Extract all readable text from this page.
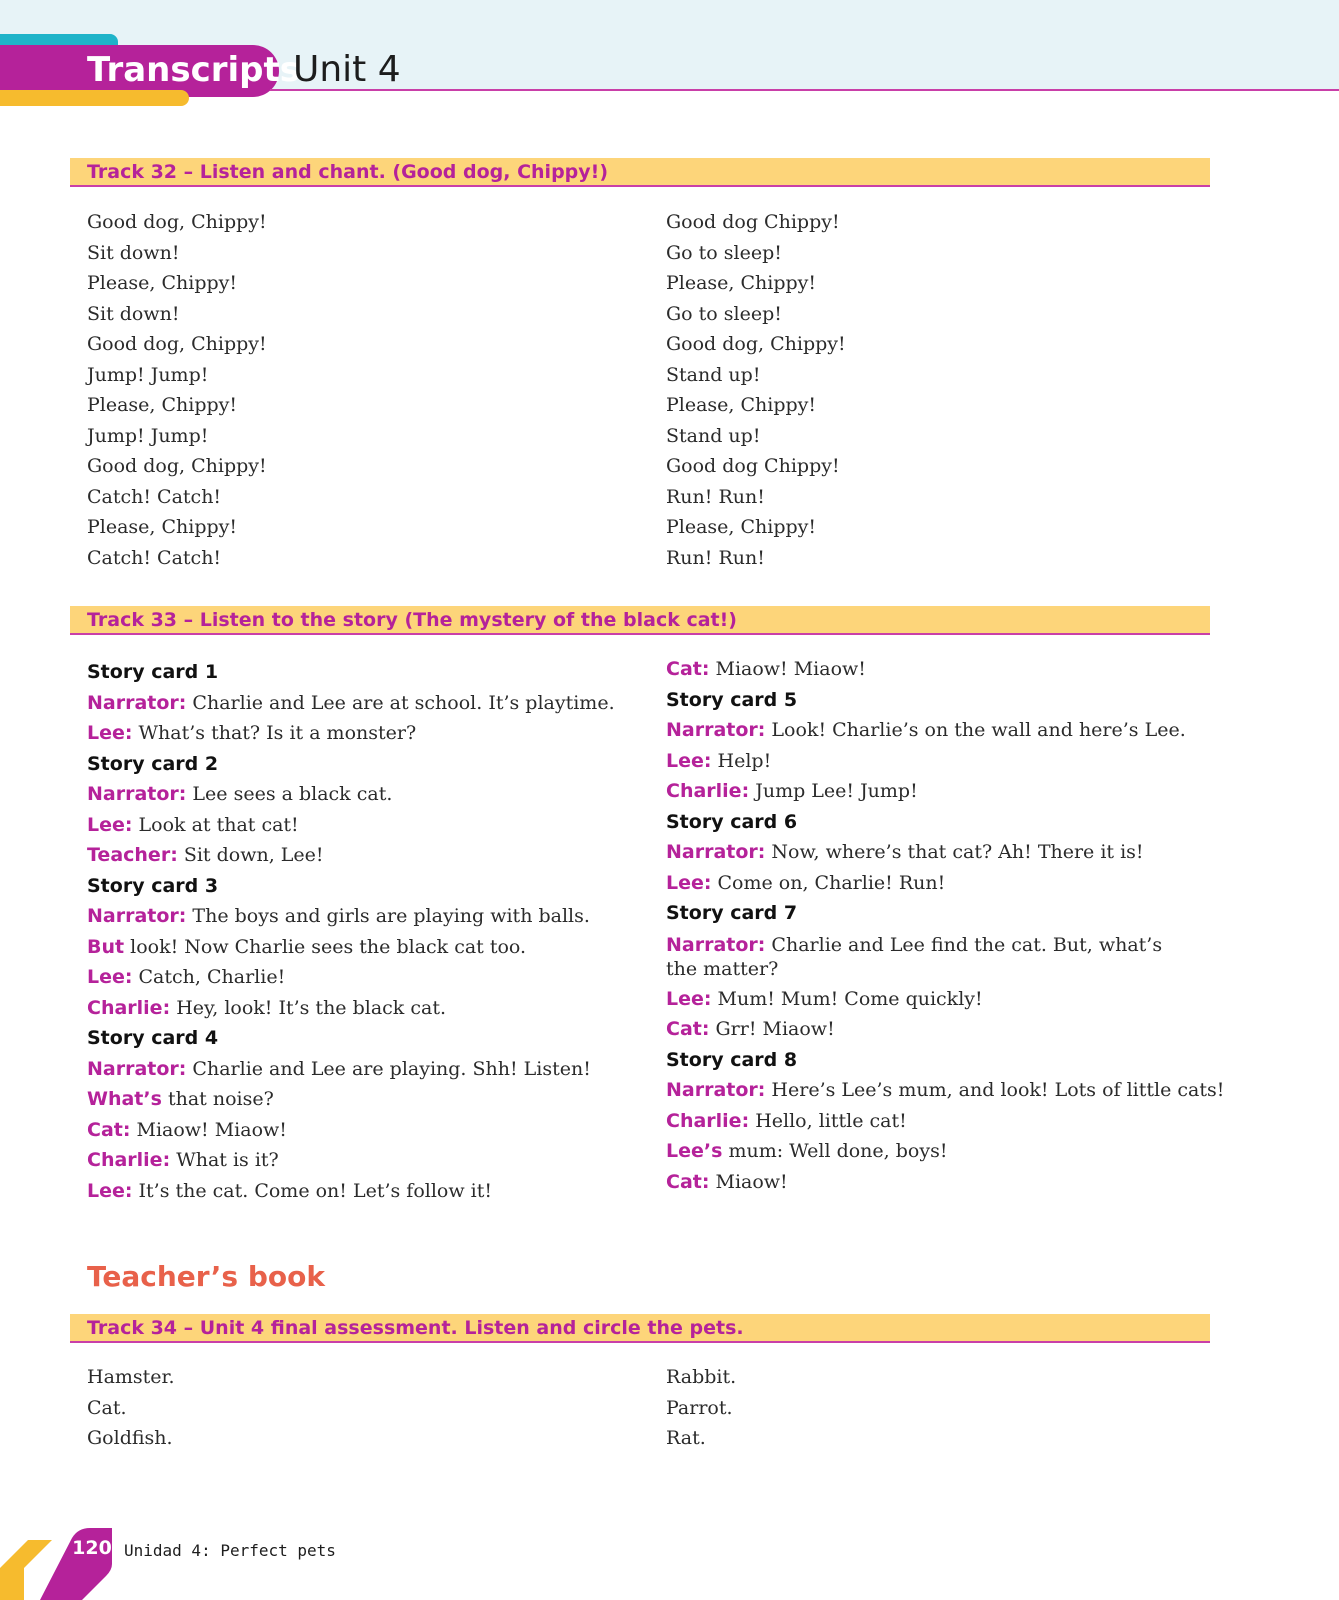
Transcripts
Unit 4
Track 32 – Listen and chant. (Good dog, Chippy!)
Good dog, Chippy!
Sit down!
Please, Chippy!
Sit down!
Good dog, Chippy!
Jump! Jump!
Please, Chippy!
Jump! Jump!
Good dog, Chippy!
Catch! Catch!
Please, Chippy!
Catch! Catch!
Good dog Chippy!
Go to sleep!
Please, Chippy!
Go to sleep!
Good dog, Chippy!
Stand up!
Please, Chippy!
Stand up!
Good dog Chippy!
Run! Run!
Please, Chippy!
Run! Run!
Track 33 – Listen to the story (The mystery of the black cat!)
Story card 1
Narrator: Charlie and Lee are at school. It’s playtime.
Lee: What’s that? Is it a monster?
Story card 2
Narrator: Lee sees a black cat.
Lee: Look at that cat!
Teacher: Sit down, Lee!
Story card 3
Narrator: The boys and girls are playing with balls.
But look! Now Charlie sees the black cat too.
Lee: Catch, Charlie!
Charlie: Hey, look! It’s the black cat.
Story card 4
Narrator: Charlie and Lee are playing. Shh! Listen!
What’s that noise?
Cat: Miaow! Miaow!
Charlie: What is it?
Lee: It’s the cat. Come on! Let’s follow it!
Cat: Miaow! Miaow!
Story card 5
Narrator: Look! Charlie’s on the wall and here’s Lee.
Lee: Help!
Charlie: Jump Lee! Jump!
Story card 6
Narrator: Now, where’s that cat? Ah! There it is!
Lee: Come on, Charlie! Run!
Story card 7
Narrator: Charlie and Lee find the cat. But, what’s the matter?
Lee: Mum! Mum! Come quickly!
Cat: Grr! Miaow!
Story card 8
Narrator: Here’s Lee’s mum, and look! Lots of little cats!
Charlie: Hello, little cat!
Lee’s mum: Well done, boys!
Cat: Miaow!
Teacher’s book
Track 34 – Unit 4 final assessment. Listen and circle the pets.
Hamster.
Cat.
Goldfish.
Rabbit.
Parrot.
Rat.
120 Unidad 4: Perfect pets
